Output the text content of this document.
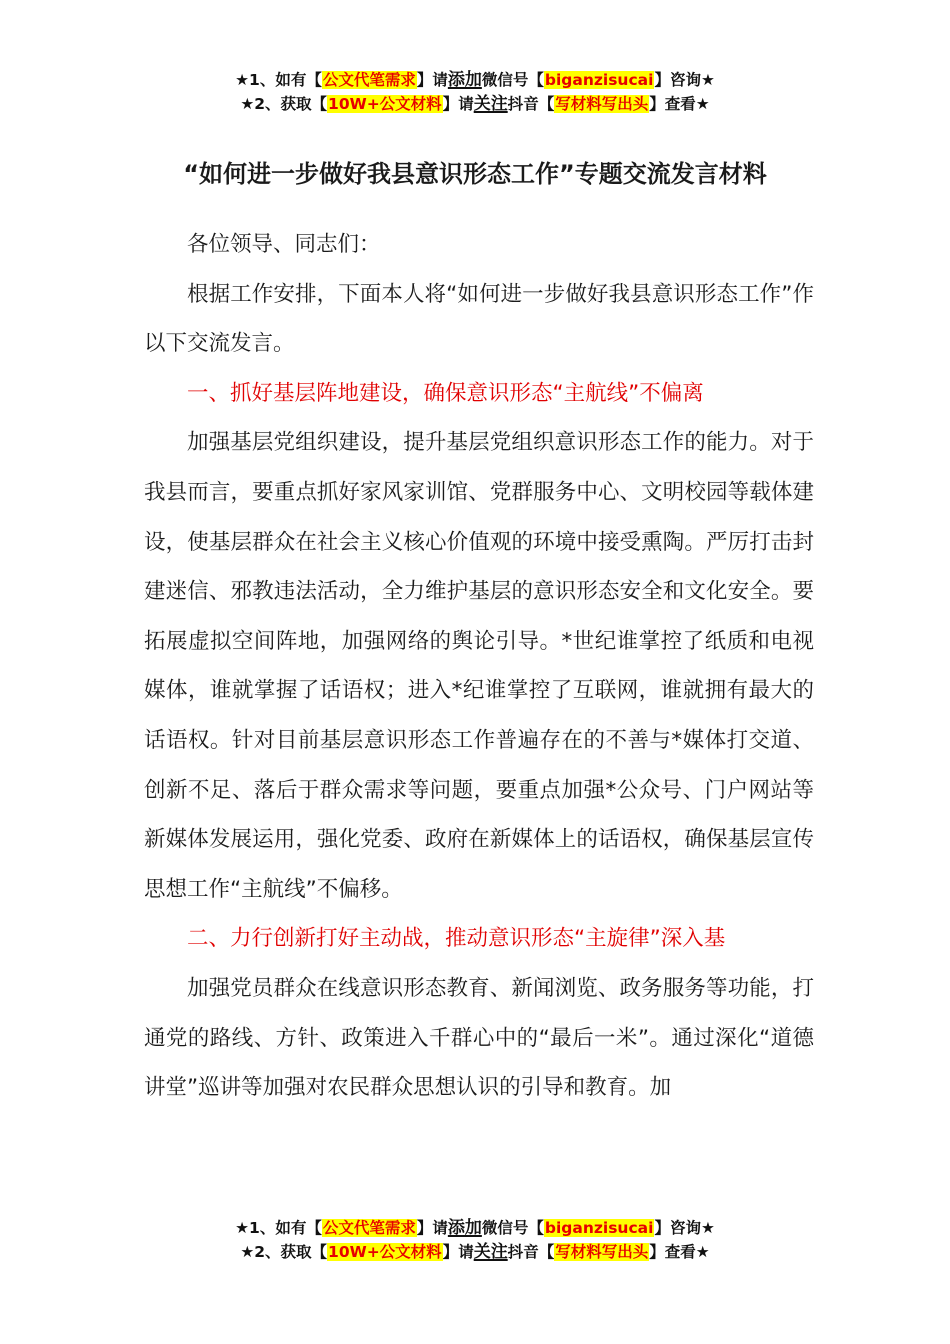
★1、如有【公文代笔需求】请添加微信号【biganzisucai】咨询★
★2、获取【10W+公文材料】请关注抖音【写材料写出头】查看★
“如何进一步做好我县意识形态工作”专题交流发言材料

各位领导、同志们：

根据工作安排，下面本人将“如何进一步做好我县意识形态工作”作以下交流发言。

一、抓好基层阵地建设，确保意识形态“主航线”不偏离

加强基层党组织建设，提升基层党组织意识形态工作的能力。对于我县而言，要重点抓好家风家训馆、党群服务中心、文明校园等载体建设，使基层群众在社会主义核心价值观的环境中接受熏陶。严厉打击封建迷信、邪教违法活动，全力维护基层的意识形态安全和文化安全。要拓展虚拟空间阵地，加强网络的舆论引导。*世纪谁掌控了纸质和电视媒体，谁就掌握了话语权；进入*纪谁掌控了互联网，谁就拥有最大的话语权。针对目前基层意识形态工作普遍存在的不善与*媒体打交道、创新不足、落后于群众需求等问题，要重点加强*公众号、门户网站等新媒体发展运用，强化党委、政府在新媒体上的话语权，确保基层宣传思想工作“主航线”不偏移。

二、力行创新打好主动战，推动意识形态“主旋律”深入基

加强党员群众在线意识形态教育、新闻浏览、政务服务等功能，打通党的路线、方针、政策进入千群心中的“最后一米”。通过深化“道德讲堂”巡讲等加强对农民群众思想认识的引导和教育。加

★1、如有【公文代笔需求】请添加微信号【biganzisucai】咨询★
★2、获取【10W+公文材料】请关注抖音【写材料写出头】查看★
